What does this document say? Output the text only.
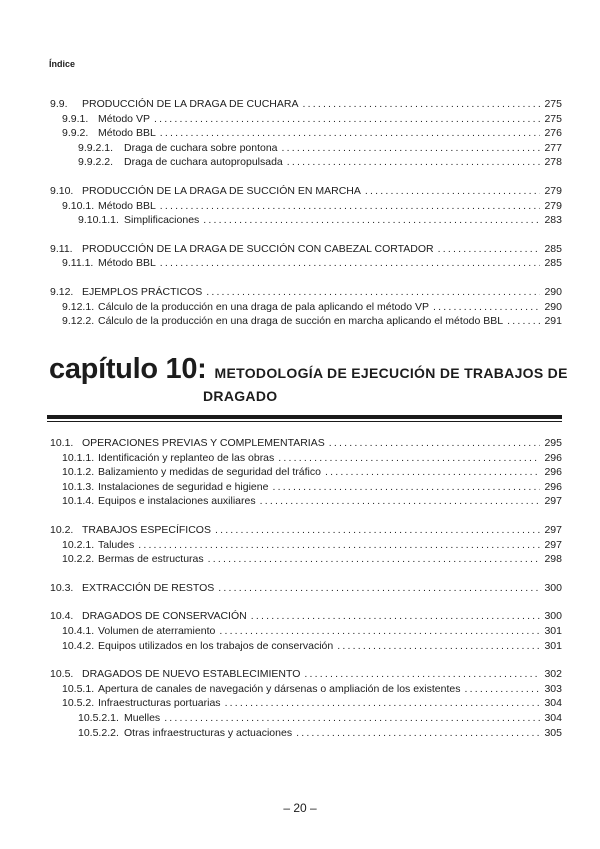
Índice
9.9.	PRODUCCIÓN DE LA DRAGA DE CUCHARA .....	275
9.9.1. Método VP .....	275
9.9.2. Método BBL .....	276
9.9.2.1.	Draga de cuchara sobre pontona .....	277
9.9.2.2.	Draga de cuchara autopropulsada .....	278
9.10. PRODUCCIÓN DE LA DRAGA DE SUCCIÓN EN MARCHA .....	279
9.10.1. Método BBL .....	279
9.10.1.1. Simplificaciones .....	283
9.11. PRODUCCIÓN DE LA DRAGA DE SUCCIÓN CON CABEZAL CORTADOR .....	285
9.11.1. Método BBL .....	285
9.12. EJEMPLOS PRÁCTICOS .....	290
9.12.1. Cálculo de la producción en una draga de pala aplicando el método VP .....	290
9.12.2. Cálculo de la producción en una draga de succión en marcha aplicando el método BBL .....	291
capítulo 10: METODOLOGÍA DE EJECUCIÓN DE TRABAJOS DE
DRAGADO
10.1. OPERACIONES PREVIAS Y COMPLEMENTARIAS .....	295
10.1.1. Identificación y replanteo de las obras .....	296
10.1.2. Balizamiento y medidas de seguridad del tráfico .....	296
10.1.3. Instalaciones de seguridad e higiene .....	296
10.1.4. Equipos e instalaciones auxiliares .....	297
10.2. TRABAJOS ESPECÍFICOS .....	297
10.2.1. Taludes .....	297
10.2.2. Bermas de estructuras .....	298
10.3. EXTRACCIÓN DE RESTOS .....	300
10.4. DRAGADOS DE CONSERVACIÓN .....	300
10.4.1. Volumen de aterramiento .....	301
10.4.2. Equipos utilizados en los trabajos de conservación .....	301
10.5. DRAGADOS DE NUEVO ESTABLECIMIENTO .....	302
10.5.1. Apertura de canales de navegación y dársenas o ampliación de los existentes .....	303
10.5.2. Infraestructuras portuarias .....	304
10.5.2.1. Muelles .....	304
10.5.2.2. Otras infraestructuras y actuaciones .....	305
– 20 –
